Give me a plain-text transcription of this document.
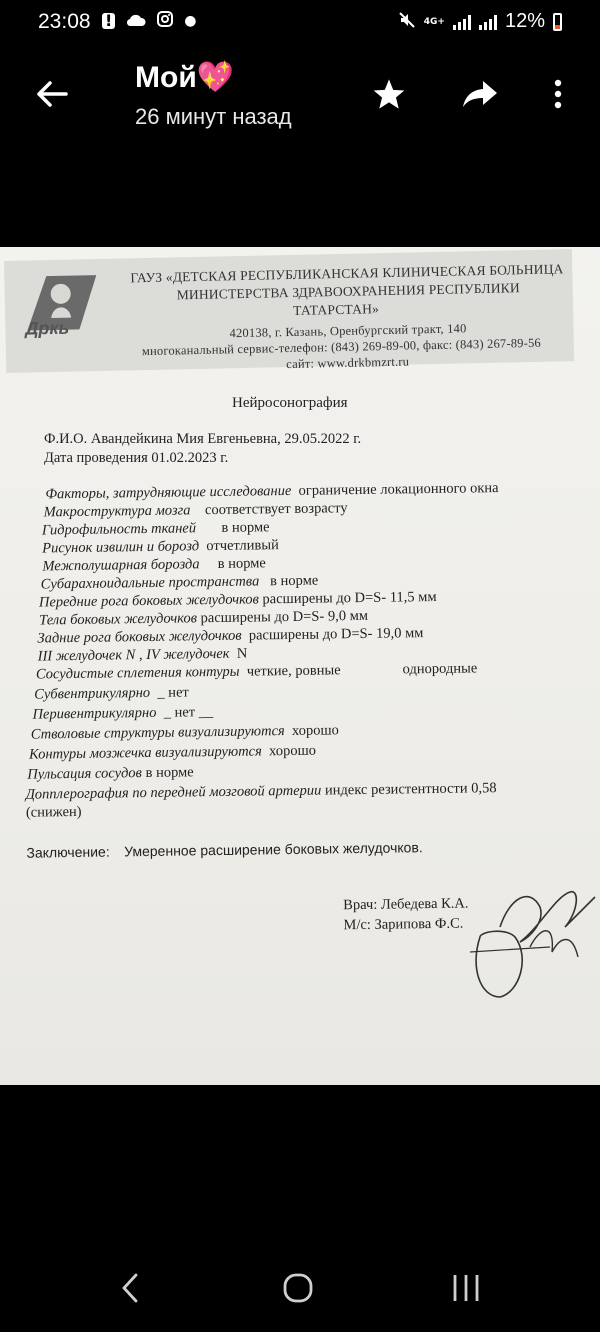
23:08 !	●	4G+	12%
Мой💖
26 минут назад
Дркь
ГАУЗ «ДЕТСКАЯ РЕСПУБЛИКАНСКАЯ КЛИНИЧЕСКАЯ БОЛЬНИЦА
МИНИСТЕРСТВА ЗДРАВООХРАНЕНИЯ РЕСПУБЛИКИ
ТАТАРСТАН»
420138, г. Казань, Оренбургский тракт, 140
многоканальный сервис-телефон: (843) 269-89-00, факс: (843) 267-89-56
сайт: www.drkbmzrt.ru
Нейросонография
Ф.И.О. Авандейкина Мия Евгеньевна, 29.05.2022 г.
Дата проведения 01.02.2023 г.
Факторы, затрудняющие исследование ограничение локационного окна
Макроструктура мозга соответствует возрасту
Гидрофильность тканей в норме
Рисунок извилин и борозд отчетливый
Межполушарная борозда в норме
Субарахноидальные пространства в норме
Передние рога боковых желудочков расширены до D=S- 11,5 мм
Тела боковых желудочков расширены до D=S- 9,0 мм
Задние рога боковых желудочков расширены до D=S- 19,0 мм
III желудочек N , IV желудочек N
Сосудистые сплетения контуры четкие, ровные	однородные
Субвентрикулярно _ нет
Перивентрикулярно _ нет __
Стволовые структуры визуализируются хорошо
Контуры мозжечка визуализируются хорошо
Пульсация сосудов в норме
Допплерография по передней мозговой артерии индекс резистентности 0,58
(снижен)
Заключение: Умеренное расширение боковых желудочков.
Врач: Лебедева К.А.
М/с: Зарипова Ф.С.
